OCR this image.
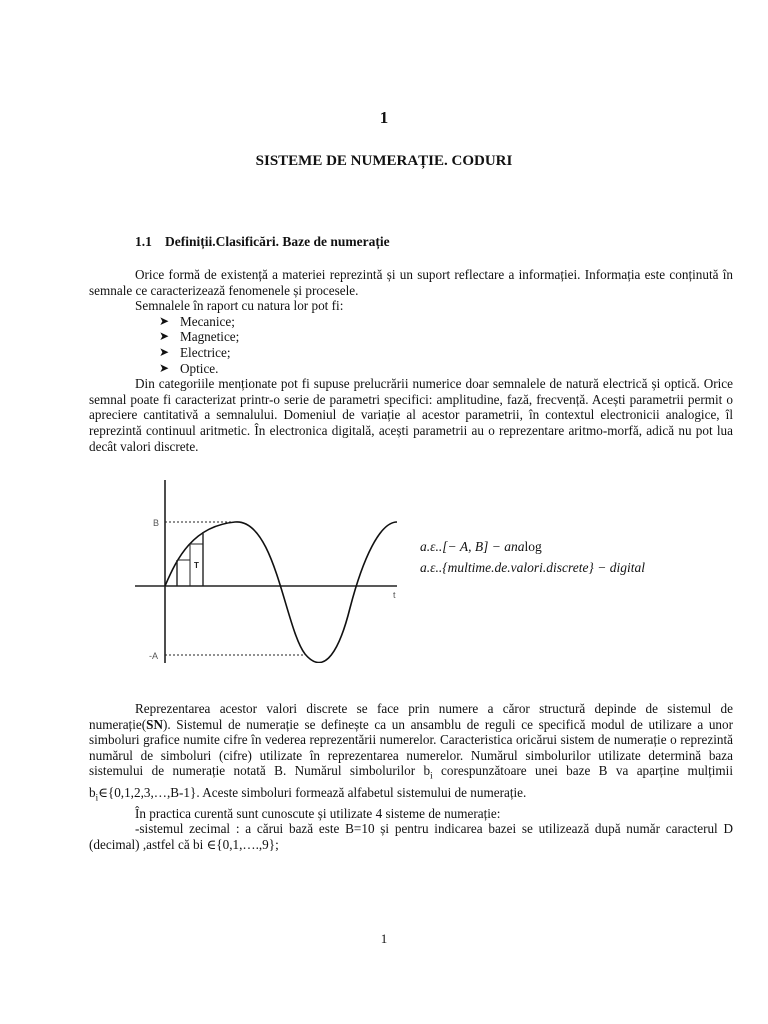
1
SISTEME DE NUMERAȚIE. CODURI
1.1 Definiții.Clasificări. Baze de numerație

Orice formă de existență a materiei reprezintă și un suport reflectare a informației. Informația este conținută în semnale ce caracterizează fenomenele și procesele.

Semnalele în raport cu natura lor pot fi:

➤ Mecanice;
➤ Magnetice;
➤ Electrice;
➤ Optice.

Din categoriile menționate pot fi supuse prelucrării numerice doar semnalele de natură electrică și optică. Orice semnal poate fi caracterizat printr-o serie de parametri specifici: amplitudine, fază, frecvență. Acești parametrii permit o apreciere cantitativă a semnalului. Domeniul de variație al acestor parametrii, în contextul electronicii analogice, îl reprezintă continuul aritmetic. În electronica digitală, acești parametrii au o reprezentare aritmo-morfă, adică nu pot lua decât valori discrete.

B
-A
t
T
a.ε..[− A, B] − analog
a.ε..{multime.de.valori.discrete} − digital

Reprezentarea acestor valori discrete se face prin numere a căror structură depinde de sistemul de numerație(SN). Sistemul de numerație se definește ca un ansamblu de reguli ce specifică modul de utilizare a unor simboluri grafice numite cifre în vederea reprezentării numerelor. Caracteristica oricărui sistem de numerație o reprezintă numărul de simboluri (cifre) utilizate în reprezentarea numerelor. Numărul simbolurilor utilizate determină baza sistemului de numerație notată B. Numărul simbolurilor $b_i$ corespunzătoare unei baze B va aparține mulțimii $b_i\in\{0,1,2,3,\dots,B-1\}$. Aceste simboluri formează alfabetul sistemului de numerație.

În practica curentă sunt cunoscute și utilizate 4 sisteme de numerație:

-sistemul zecimal : a cărui bază este B=10 și pentru indicarea bazei se utilizează după număr caracterul D (decimal) ,astfel că bi ∈{0,1,….,9};

1
